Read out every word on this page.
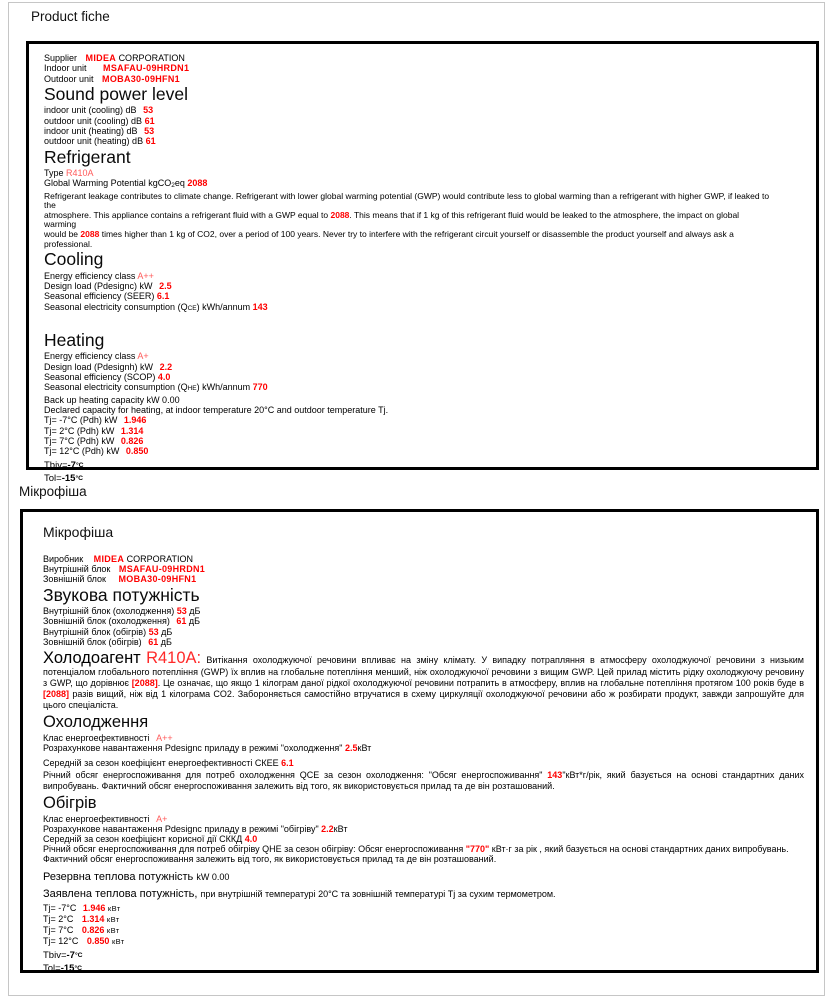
Product fiche
Supplier MIDEA CORPORATION
Indoor unit MSAFAU-09HRDN1
Outdoor unit MOBA30-09HFN1
Sound power level
indoor unit (cooling) dB 53
outdoor unit (cooling) dB 61
indoor unit (heating) dB 53
outdoor unit (heating) dB 61
Refrigerant
Type R410A
Global Warming Potential kgCO$_2$eq 2088
Refrigerant leakage contributes to climate change. Refrigerant with lower global warming potential (GWP) would contribute less to global warming than a refrigerant with higher GWP, if leaked to
the
atmosphere. This appliance contains a refrigerant fluid with a GWP equal to 2088. This means that if 1 kg of this refrigerant fluid would be leaked to the atmosphere, the impact on global
warming
would be 2088 times higher than 1 kg of CO2, over a period of 100 years. Never try to interfere with the refrigerant circuit yourself or disassemble the product yourself and always ask a
professional.
Cooling
Energy efficiency class A++
Design load (Pdesignc) kW 2.5
Seasonal efficiency (SEER) 6.1
Seasonal electricity consumption (QCE) kWh/annum 143
Heating
Energy efficiency class A+
Design load (Pdesignh) kW 2.2
Seasonal efficiency (SCOP) 4.0
Seasonal electricity consumption (QHE) kWh/annum 770
Back up heating capacity kW 0.00
Declared capacity for heating, at indoor temperature 20°C and outdoor temperature Tj.
Tj= -7°C (Pdh) kW 1.946
Tj= 2°C (Pdh) kW 1.314
Tj= 7°C (Pdh) kW 0.826
Tj= 12°C (Pdh) kW 0.850
Tbiv=-7°C
Tol=-15°C
Мікрофіша
Мікрофіша
Виробник MIDEA CORPORATION
Внутрішній блок MSAFAU-09HRDN1
Зовнішній блок MOBA30-09HFN1
Звукова потужність
Внутрішній блок (охолодження) 53 дБ
Зовнішній блок (охолодження) 61 дБ
Внутрішній блок (обігрів) 53 дБ
Зовнішній блок (обігрів) 61 дБ
Холодоагент R410A: Витікання охолоджуючої речовини впливає на зміну клімату. У випадку потрапляння в атмосферу охолоджуючої речовини з низьким потенціалом глобального потепління (GWP) їх вплив на глобальне потепління менший, ніж охолоджуючої речовини з вищим GWP. Цей прилад містить рідку охолоджуючу речовину з GWP, що дорівнює [2088]. Це означає, що якщо 1 кілограм даної рідкої охолоджуючої речовини потрапить в атмосферу, вплив на глобальне потепління протягом 100 років буде в [2088] разів вищий, ніж від 1 кілограма CO2. Забороняється самостійно втручатися в схему циркуляції охолоджуючої речовини або ж розбирати продукт, завжди запрошуйте для цього спеціаліста.
Охолодження
Клас енергоефективності A++
Розрахункове навантаження Pdesignc приладу в режимі "охолодження" 2.5кВт
Середній за сезон коефіцієнт енергоефективності СКЕЕ 6.1
Річний обсяг енергоспоживання для потреб охолодження QCE за сезон охолодження: "Обсяг енергоспоживання" 143"кВт*г/рік, який базується на основі стандартних даних випробувань. Фактичний обсяг енергоспоживання залежить від того, як використовується прилад та де він розташований.
Обігрів
Клас енергоефективності A+
Розрахункове навантаження Pdesignc приладу в режимі "обігріву" 2.2кВт
Середній за сезон коефіцієнт корисної дії СККД 4.0
Річний обсяг енергоспоживання для потреб обігріву QHE за сезон обігріву: Обсяг енергоспоживання "770" кВт·г за рік , який базується на основі стандартних даних випробувань.
Фактичний обсяг енергоспоживання залежить від того, як використовується прилад та де він розташований.
Резервна теплова потужність kW 0.00
Заявлена теплова потужність, при внутрішній температурі 20°C та зовнішній температурі Tj за сухим термометром.
Tj= -7°C 1.946 кВт
Tj= 2°C 1.314 кВт
Tj= 7°C 0.826 кВт
Tj= 12°C 0.850 кВт
Tbiv=-7°C
Tol=-15°C
